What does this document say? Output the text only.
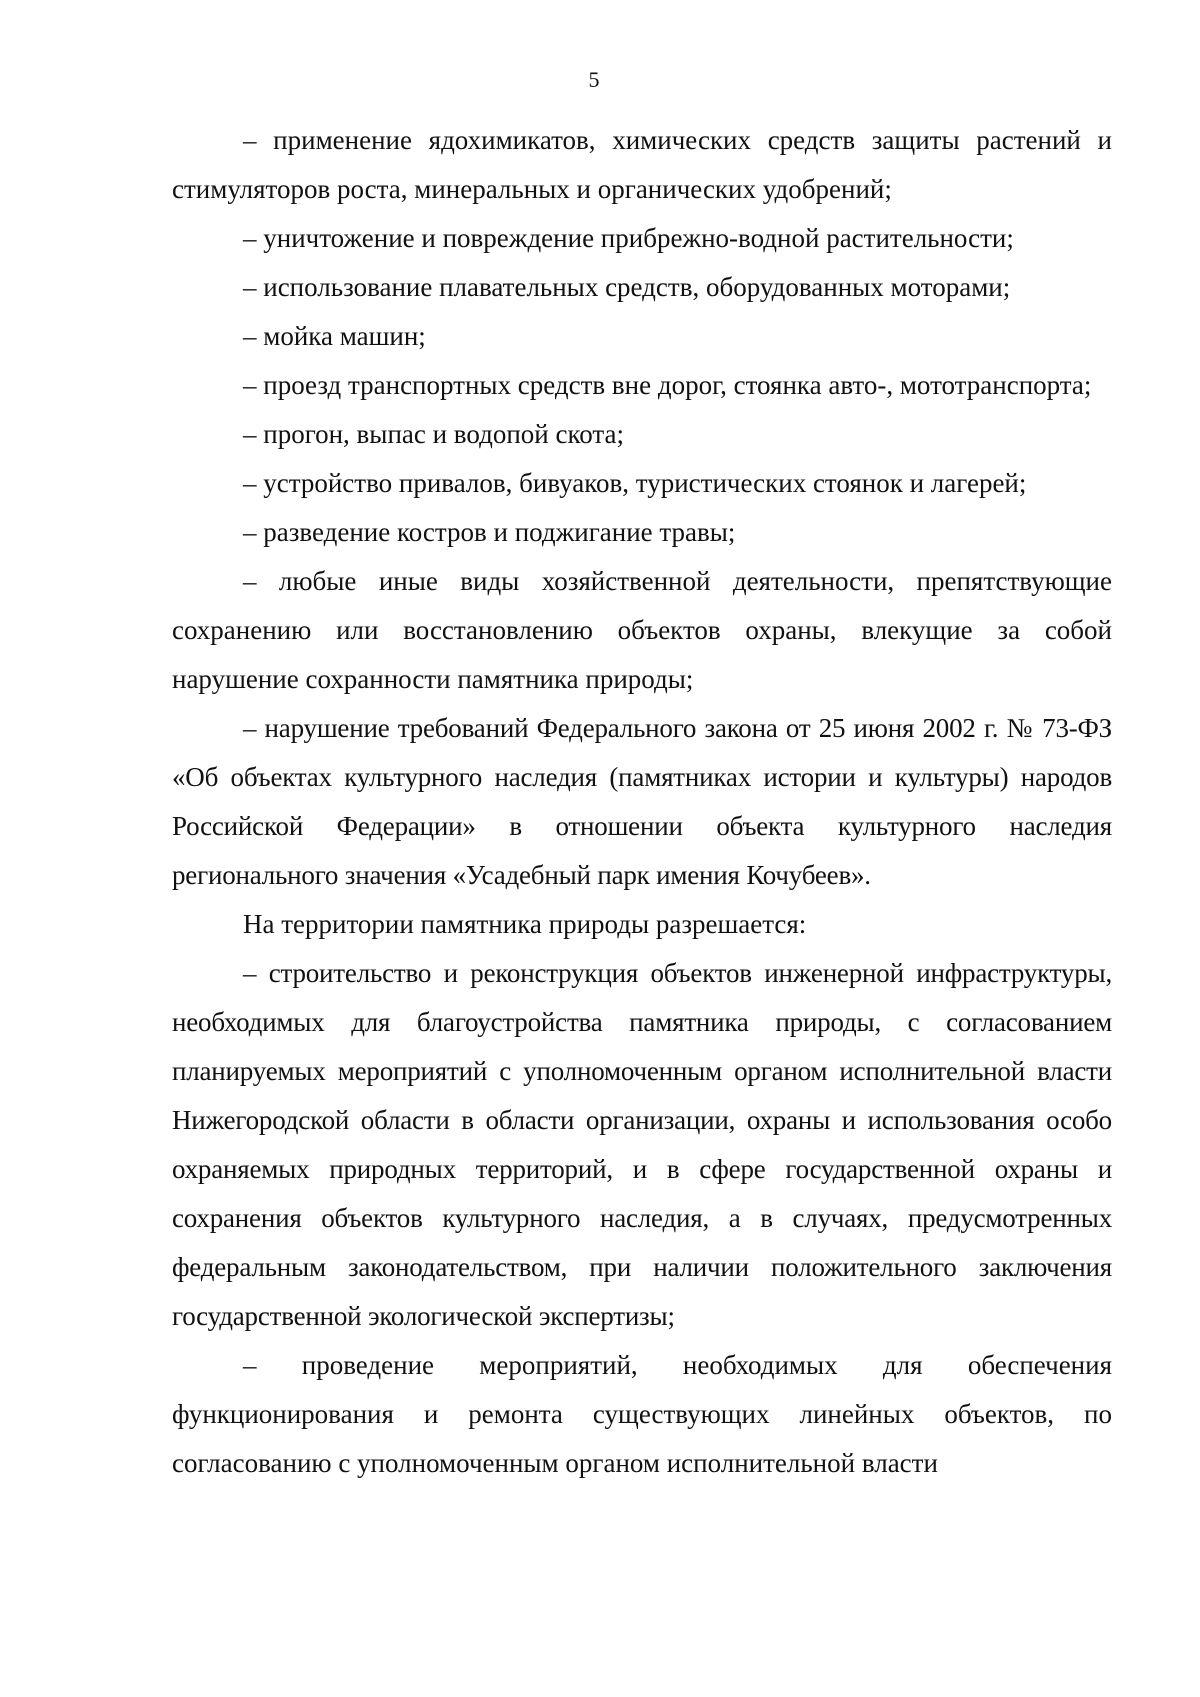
5

– применение ядохимикатов, химических средств защиты растений и стимуляторов роста, минеральных и органических удобрений;

– уничтожение и повреждение прибрежно-водной растительности;

– использование плавательных средств, оборудованных моторами;

– мойка машин;

– проезд транспортных средств вне дорог, стоянка авто-, мототранспорта;

– прогон, выпас и водопой скота;

– устройство привалов, бивуаков, туристических стоянок и лагерей;

– разведение костров и поджигание травы;

– любые иные виды хозяйственной деятельности, препятствующие сохранению или восстановлению объектов охраны, влекущие за собой нарушение сохранности памятника природы;

– нарушение требований Федерального закона от 25 июня 2002 г. № 73-ФЗ «Об объектах культурного наследия (памятниках истории и культуры) народов Российской Федерации» в отношении объекта культурного наследия регионального значения «Усадебный парк имения Кочубеев».

На территории памятника природы разрешается:

– строительство и реконструкция объектов инженерной инфраструктуры, необходимых для благоустройства памятника природы, с согласованием планируемых мероприятий с уполномоченным органом исполнительной власти Нижегородской области в области организации, охраны и использования особо охраняемых природных территорий, и в сфере государственной охраны и сохранения объектов культурного наследия, а в случаях, предусмотренных федеральным законодательством, при наличии положительного заключения государственной экологической экспертизы;

– проведение мероприятий, необходимых для обеспечения функционирования и ремонта существующих линейных объектов, по согласованию с уполномоченным органом исполнительной власти
